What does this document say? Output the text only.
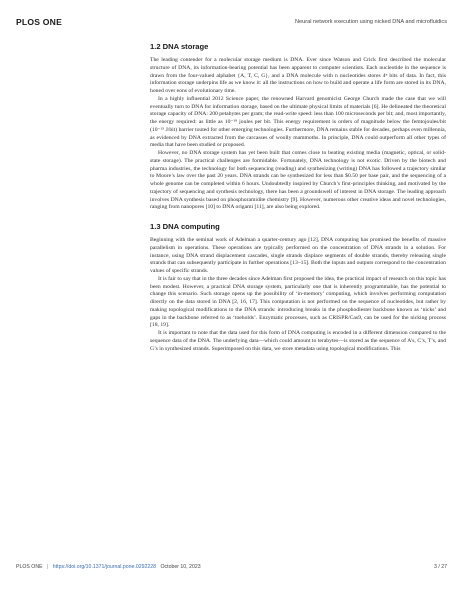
PLOS ONE	Neural network execution using nicked DNA and microfluidics
1.2 DNA storage

The leading contender for a molecular storage medium is DNA. Ever since Watson and Crick first described the molecular structure of DNA, its information-bearing potential has been apparent to computer scientists. Each nucleotide in the sequence is drawn from the four-valued alphabet {A, T, C, G}, and a DNA molecule with n nucleotides stores 4ⁿ bits of data. In fact, this information storage underpins life as we know it: all the instructions on how to build and operate a life form are stored in its DNA, honed over eons of evolutionary time.

In a highly influential 2012 Science paper, the renowned Harvard genomicist George Church made the case that we will eventually turn to DNA for information storage, based on the ultimate physical limits of materials [6]. He delineated the theoretical storage capacity of DNA: 200 petabytes per gram; the read-write speed: less than 100 microseconds per bit; and, most importantly, the energy required: as little as 10⁻¹⁹ joules per bit. This energy requirement is orders of magnitude below the femtojoules/bit (10⁻¹⁵ J/bit) barrier touted for other emerging technologies. Furthermore, DNA remains stable for decades, perhaps even millennia, as evidenced by DNA extracted from the carcasses of woolly mammoths. In principle, DNA could outperform all other types of media that have been studied or proposed.

However, no DNA storage system has yet been built that comes close to beating existing media (magnetic, optical, or solid-state storage). The practical challenges are formidable. Fortunately, DNA technology is not exotic. Driven by the biotech and pharma industries, the technology for both sequencing (reading) and synthesizing (writing) DNA has followed a trajectory similar to Moore’s law over the past 20 years. DNA strands can be synthesized for less than $0.50 per base pair, and the sequencing of a whole genome can be completed within 6 hours. Undoubtedly inspired by Church’s first-principles thinking, and motivated by the trajectory of sequencing and synthesis technology, there has been a groundswell of interest in DNA storage. The leading approach involves DNA synthesis based on phosphoramidite chemistry [9]. However, numerous other creative ideas and novel technologies, ranging from nanopores [10] to DNA origami [11], are also being explored.

1.3 DNA computing

Beginning with the seminal work of Adelman a quarter-century ago [12], DNA computing has promised the benefits of massive parallelism in operations. These operations are typically performed on the concentration of DNA strands in a solution. For instance, using DNA strand displacement cascades, single strands displace segments of double strands, thereby releasing single strands that can subsequently participate in further operations [13–15]. Both the inputs and outputs correspond to the concentration values of specific strands.

It is fair to say that in the three decades since Adelman first proposed the idea, the practical impact of research on this topic has been modest. However, a practical DNA storage system, particularly one that is inherently programmable, has the potential to change this scenario. Such storage opens up the possibility of ‘in-memory’ computing, which involves performing computation directly on the data stored in DNA [2, 16, 17]. This computation is not performed on the sequence of nucleotides, but rather by making topological modifications to the DNA strands: introducing breaks in the phosphodiester backbone known as ‘nicks’ and gaps in the backbone referred to as ‘toeholds’. Enzymatic processes, such as CRISPR/Cas9, can be used for the nicking process [18, 19].

It is important to note that the data used for this form of DNA computing is encoded in a different dimension compared to the sequence data of the DNA. The underlying data—which could amount to terabytes—is stored as the sequence of A’s, C’s, T’s, and G’s in synthesized strands. Superimposed on this data, we store metadata using topological modifications. This

PLOS ONE | https://doi.org/10.1371/journal.pone.0292228 October 10, 2023	3 / 27
